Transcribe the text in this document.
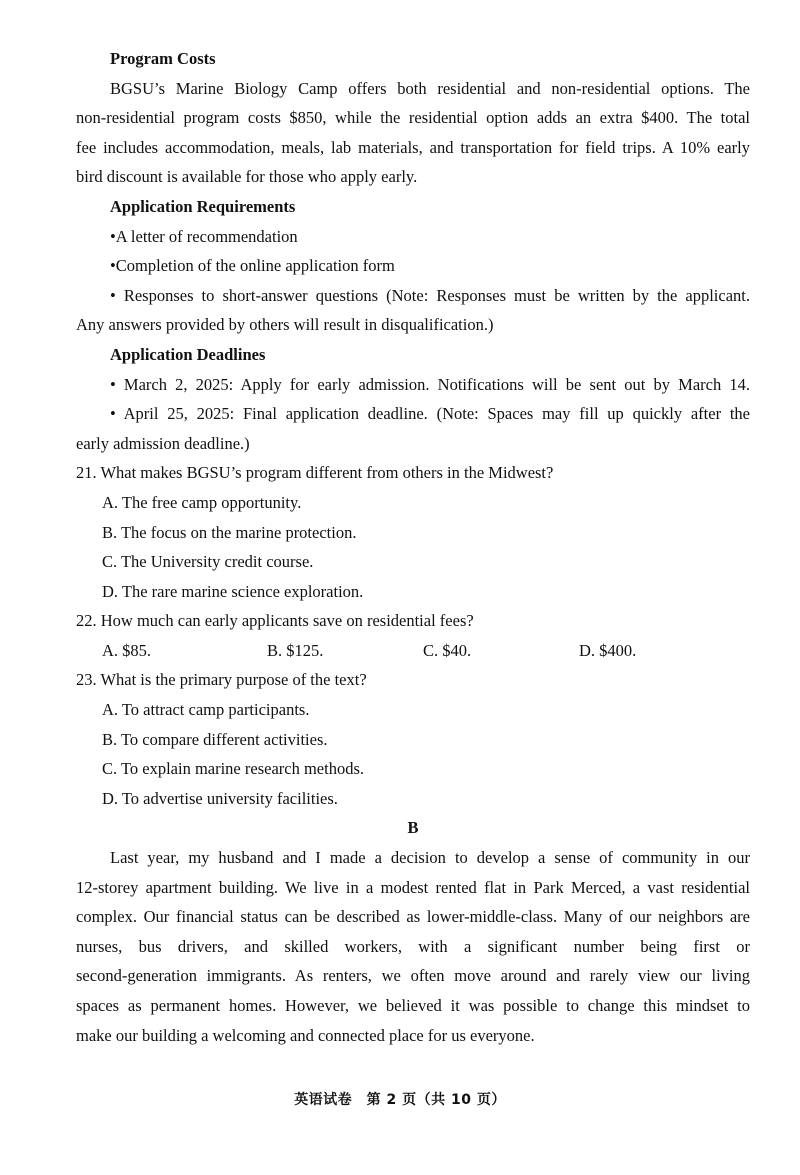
Program Costs
BGSU’s Marine Biology Camp offers both residential and non-residential options. The
non-residential program costs $850, while the residential option adds an extra $400. The total
fee includes accommodation, meals, lab materials, and transportation for field trips. A 10% early
bird discount is available for those who apply early.
Application Requirements
•A letter of recommendation
•Completion of the online application form
• Responses to short-answer questions (Note: Responses must be written by the applicant.
Any answers provided by others will result in disqualification.)
Application Deadlines
• March 2, 2025: Apply for early admission. Notifications will be sent out by March 14.
• April 25, 2025: Final application deadline. (Note: Spaces may fill up quickly after the
early admission deadline.)
21. What makes BGSU’s program different from others in the Midwest?
A. The free camp opportunity.
B. The focus on the marine protection.
C. The University credit course.
D. The rare marine science exploration.
22. How much can early applicants save on residential fees?
A. $85.	B. $125.	C. $40.	D. $400.
23. What is the primary purpose of the text?
A. To attract camp participants.
B. To compare different activities.
C. To explain marine research methods.
D. To advertise university facilities.
B
Last year, my husband and I made a decision to develop a sense of community in our
12-storey apartment building. We live in a modest rented flat in Park Merced, a vast residential
complex. Our financial status can be described as lower-middle-class. Many of our neighbors are
nurses, bus drivers, and skilled workers, with a significant number being first or
second-generation immigrants. As renters, we often move around and rarely view our living
spaces as permanent homes. However, we believed it was possible to change this mindset to
make our building a welcoming and connected place for us everyone.
英语试卷　第 2 页（共 10 页）
